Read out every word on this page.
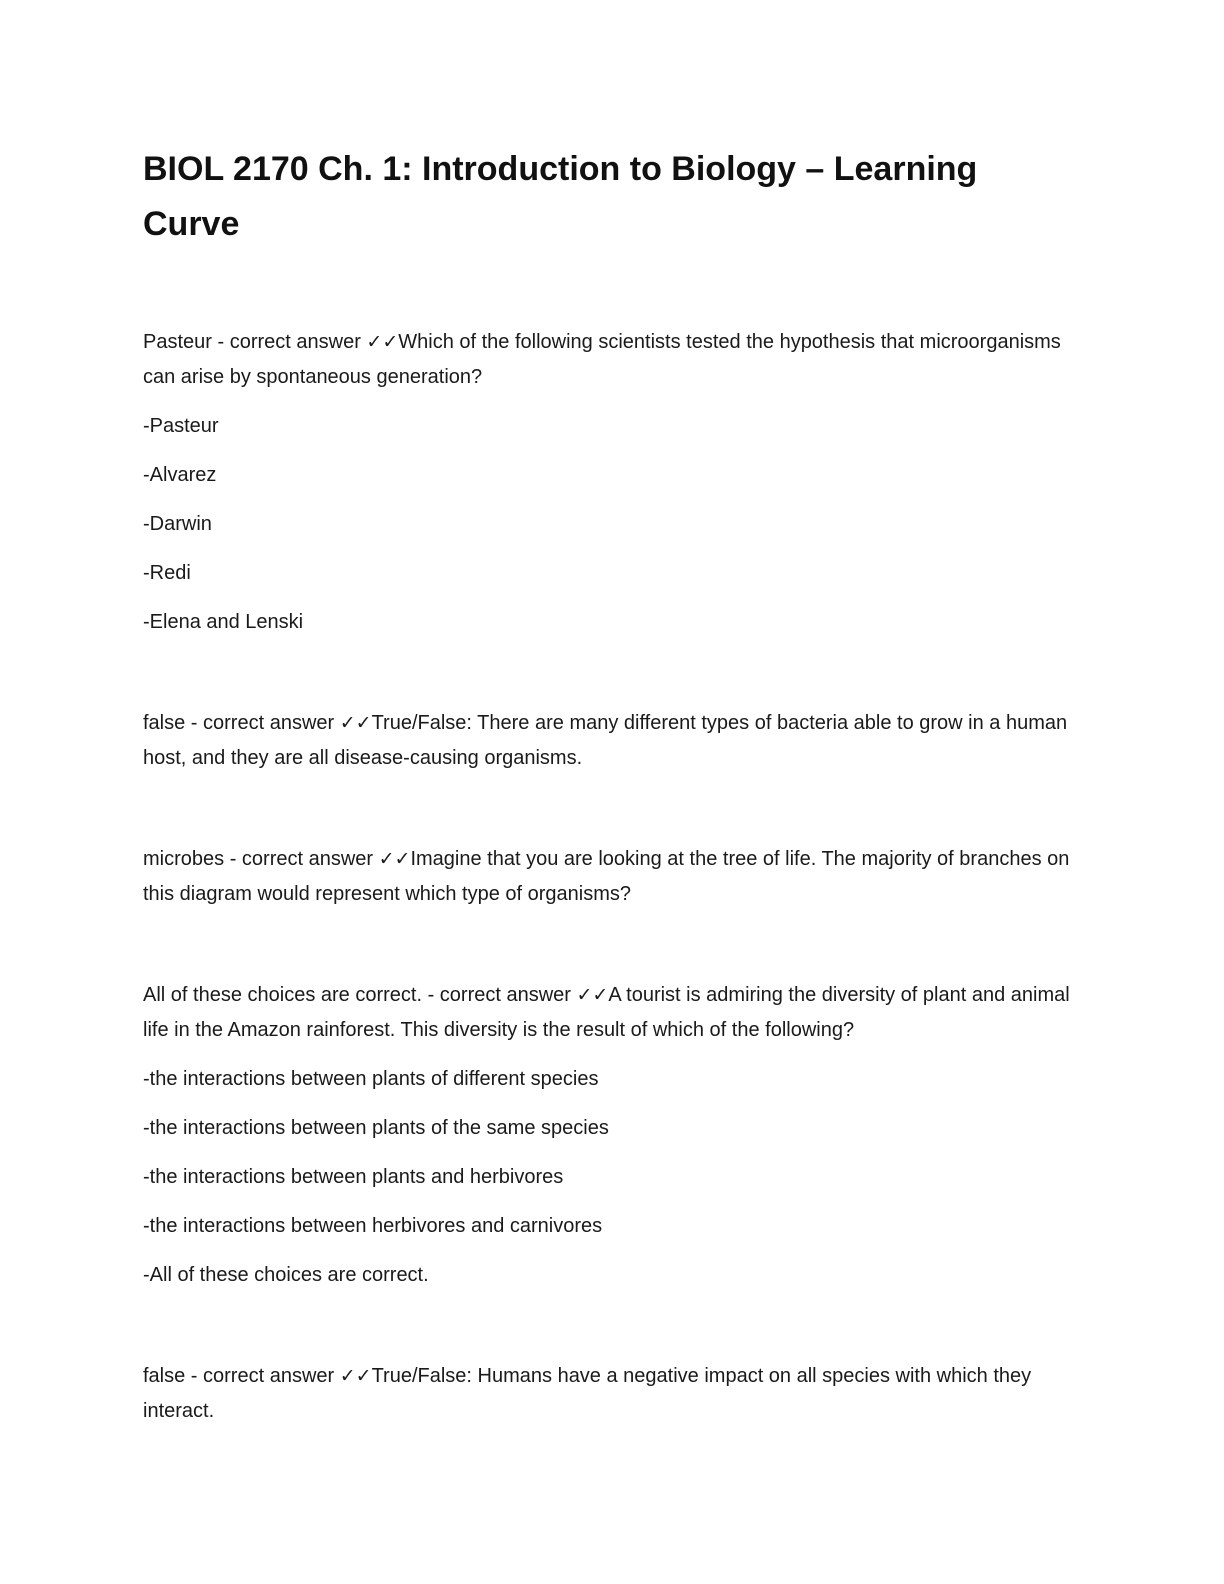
BIOL 2170 Ch. 1: Introduction to Biology – Learning Curve

Pasteur - correct answer ✓✓Which of the following scientists tested the hypothesis that microorganisms can arise by spontaneous generation?

-Pasteur

-Alvarez

-Darwin

-Redi

-Elena and Lenski

false - correct answer ✓✓True/False: There are many different types of bacteria able to grow in a human host, and they are all disease-causing organisms.

microbes - correct answer ✓✓Imagine that you are looking at the tree of life. The majority of branches on this diagram would represent which type of organisms?

All of these choices are correct. - correct answer ✓✓A tourist is admiring the diversity of plant and animal life in the Amazon rainforest. This diversity is the result of which of the following?

-the interactions between plants of different species

-the interactions between plants of the same species

-the interactions between plants and herbivores

-the interactions between herbivores and carnivores

-All of these choices are correct.

false - correct answer ✓✓True/False: Humans have a negative impact on all species with which they interact.
